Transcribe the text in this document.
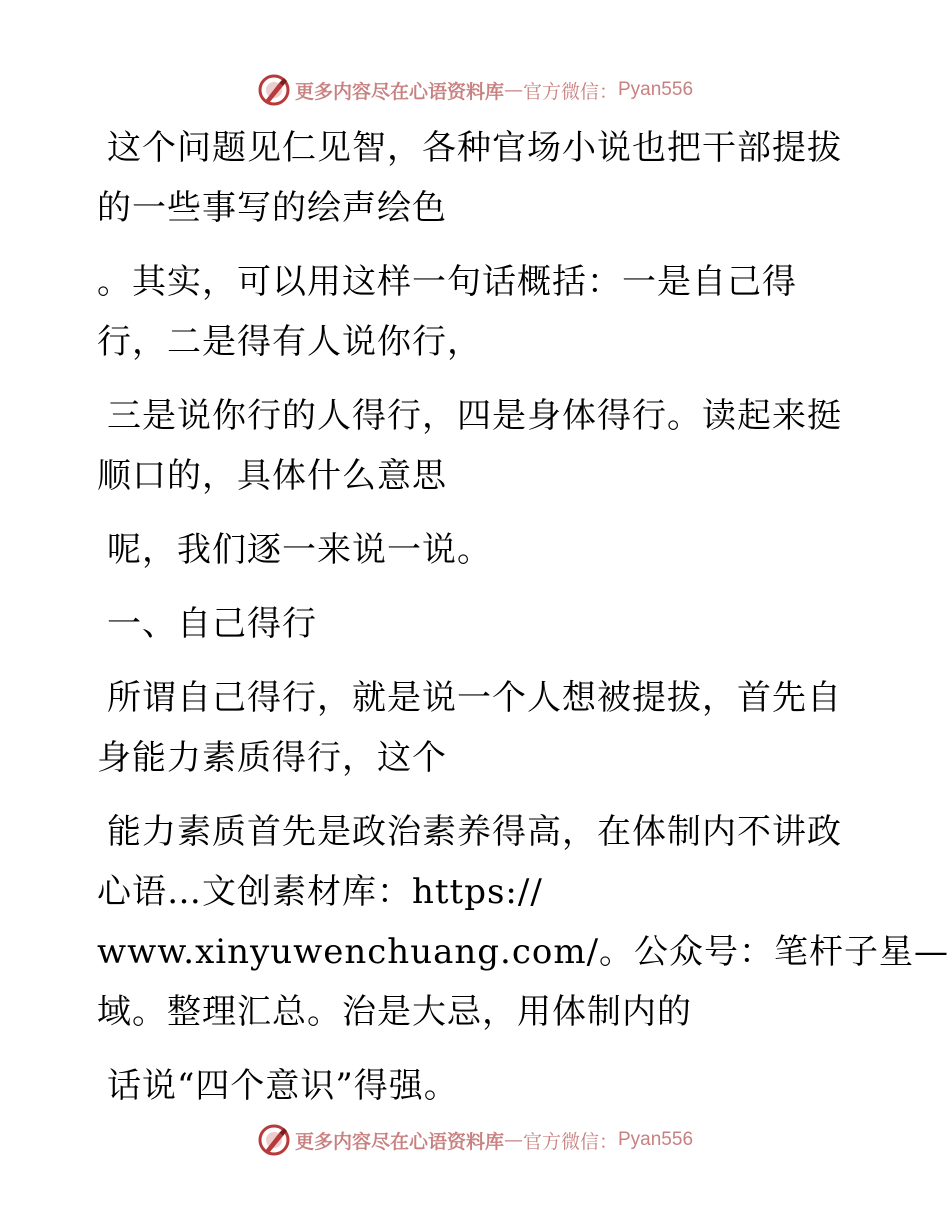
更多内容尽在心语资料库 — 官方微信： Pyan556
这个问题见仁见智，各种官场小说也把干部提拔
的一些事写的绘声绘色
。其实，可以用这样一句话概括：一是自己得
行，二是得有人说你行，
三是说你行的人得行，四是身体得行。读起来挺
顺口的，具体什么意思
呢，我们逐一来说一说。
一、自己得行
所谓自己得行，就是说一个人想被提拔，首先自
身能力素质得行，这个
能力素质首先是政治素养得高，在体制内不讲政
心语…文创素材库：https://
www.xinyuwenchuang.com/。公众号：笔杆子星—
域。整理汇总。治是大忌，用体制内的
话说“四个意识”得强。
更多内容尽在心语资料库 — 官方微信： Pyan556
